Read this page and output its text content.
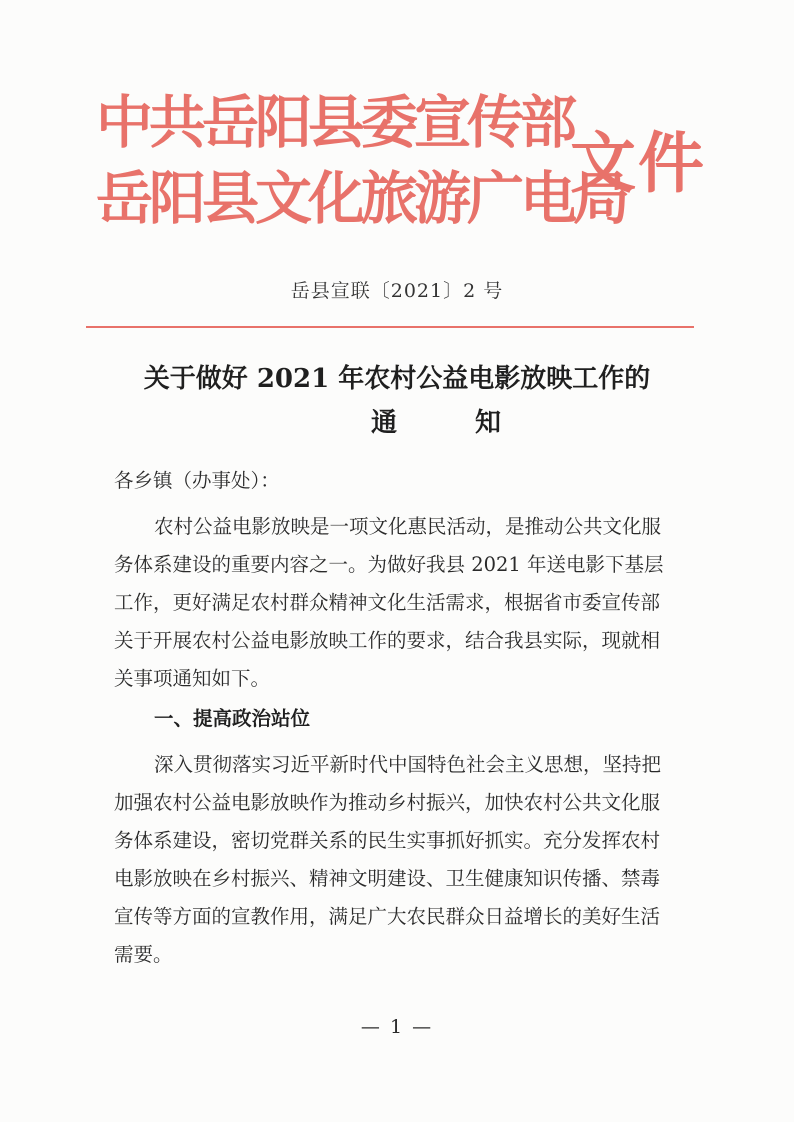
中共岳阳县委宣传部
岳阳县文化旅游广电局
文件
岳县宣联〔2021〕2 号
关于做好 2021 年农村公益电影放映工作的
通知
各乡镇（办事处）：
农村公益电影放映是一项文化惠民活动，是推动公共文化服务体系建设的重要内容之一。为做好我县 2021 年送电影下基层工作，更好满足农村群众精神文化生活需求，根据省市委宣传部关于开展农村公益电影放映工作的要求，结合我县实际，现就相关事项通知如下。
一、提高政治站位
深入贯彻落实习近平新时代中国特色社会主义思想，坚持把加强农村公益电影放映作为推动乡村振兴，加快农村公共文化服务体系建设，密切党群关系的民生实事抓好抓实。充分发挥农村电影放映在乡村振兴、精神文明建设、卫生健康知识传播、禁毒宣传等方面的宣教作用，满足广大农民群众日益增长的美好生活需要。
— 1 —
